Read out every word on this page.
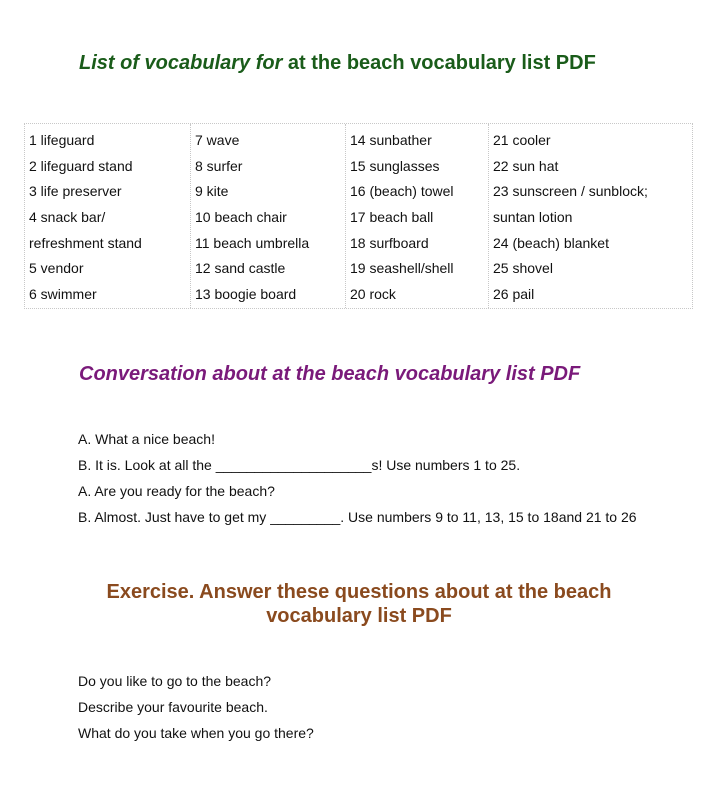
List of vocabulary for at the beach vocabulary list PDF
1 lifeguard
2 lifeguard stand
3 life preserver
4 snack bar/
refreshment stand
5 vendor
6 swimmer
7 wave
8 surfer
9 kite
10 beach chair
11 beach umbrella
12 sand castle
13 boogie board
14 sunbather
15 sunglasses
16 (beach) towel
17 beach ball
18 surfboard
19 seashell/shell
20 rock
21 cooler
22 sun hat
23 sunscreen / sunblock;
suntan lotion
24 (beach) blanket
25 shovel
26 pail
Conversation about at the beach vocabulary list PDF

A. What a nice beach!

B. It is. Look at all the ____________________s! Use numbers 1 to 25.

A. Are you ready for the beach?

B. Almost. Just have to get my _________. Use numbers 9 to 11, 13, 15 to 18and 21 to 26

Exercise. Answer these questions about at the beach vocabulary list PDF

Do you like to go to the beach?

Describe your favourite beach.

What do you take when you go there?
